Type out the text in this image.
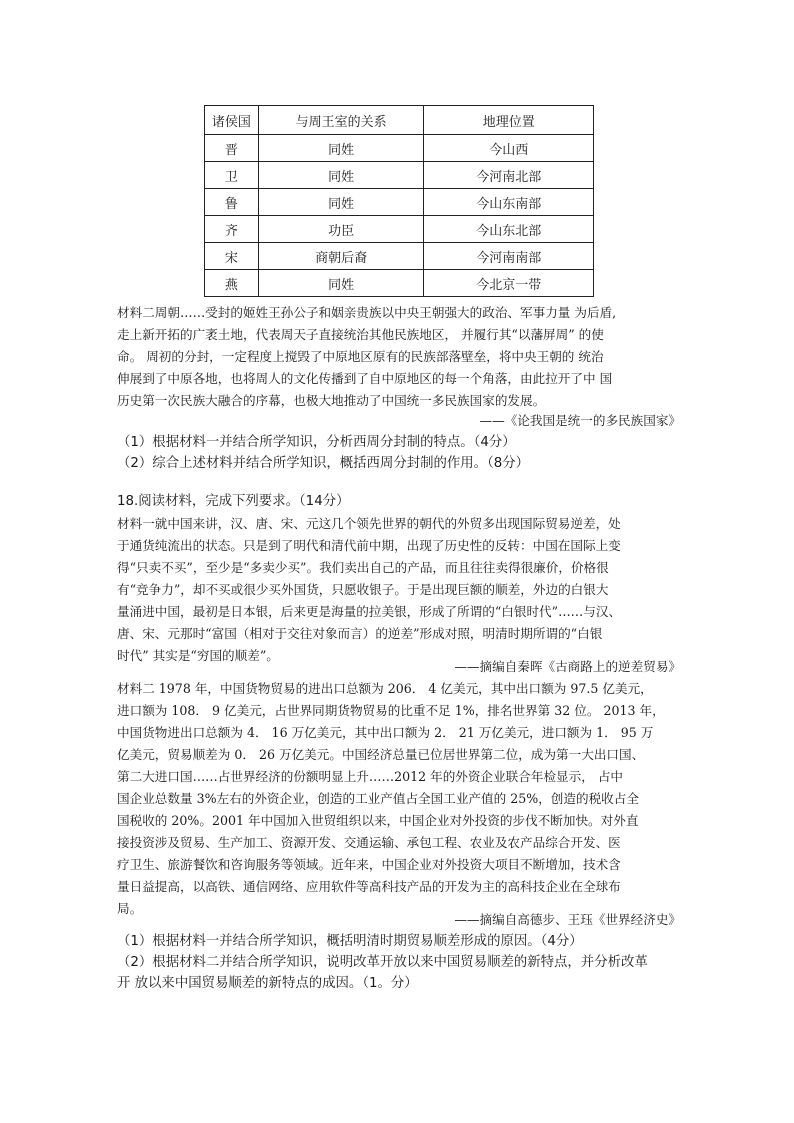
诸侯国	与周王室的关系	地理位置
晋	同姓	今山西
卫	同姓	今河南北部
鲁	同姓	今山东南部
齐	功臣	今山东北部
宋	商朝后裔	今河南南部
燕	同姓	今北京一带
材料二周朝……受封的姬姓王孙公子和姻亲贵族以中央王朝强大的政治、军事力量 为后盾,
走上新开拓的广袤土地，代表周天子直接统治其他民族地区， 并履行其“以藩屏周” 的使
命。 周初的分封，一定程度上搅毁了中原地区原有的民族部落壁垒，将中央王朝的 统治
伸展到了中原各地，也将周人的文化传播到了自中原地区的每一个角落，由此拉开了中 国
历史第一次民族大融合的序幕，也极大地推动了中国统一多民族国家的发展。
——《论我国是统一的多民族国家》
（1）根据材料一并结合所学知识，分析西周分封制的特点。（4分）
（2）综合上述材料并结合所学知识，概括西周分封制的作用。（8分）
18.阅读材料，完成下列要求。（14分）
材料一就中国来讲，汉、唐、宋、元这几个领先世界的朝代的外贸多出现国际贸易逆差，处
于通货纯流出的状态。只是到了明代和清代前中期，出现了历史性的反转：中国在国际上变
得“只卖不买”，至少是“多卖少买”。我们卖出自己的产品，而且往往卖得很廉价，价格很
有“竞争力”，却不买或很少买外国货，只愿收银子。于是出现巨额的顺差，外边的白银大
量涌进中国，最初是日本银，后来更是海量的拉美银，形成了所谓的“白银时代”……与汉、
唐、宋、元那时“富国（相对于交往对象而言）的逆差”形成对照，明清时期所谓的“白银
时代” 其实是“穷国的顺差”。
——摘编自秦晖《古商路上的逆差贸易》
材料二 1978 年，中国货物贸易的进出口总额为 206． 4 亿美元，其中出口额为 97.5 亿美元，
进口额为 108． 9 亿美元，占世界同期货物贸易的比重不足 1%，排名世界第 32 位。 2013 年，
中国货物进出口总额为 4． 16 万亿美元，其中出口额为 2． 21 万亿美元，进口额为 1． 95 万
亿美元，贸易顺差为 0． 26 万亿美元。中国经济总量已位居世界第二位，成为第一大出口国、
第二大进口国……占世界经济的份额明显上升……2012 年的外资企业联合年检显示， 占中
国企业总数量 3%左右的外资企业，创造的工业产值占全国工业产值的 25%，创造的税收占全
国税收的 20%。2001 年中国加入世贸组织以来，中国企业对外投资的步伐不断加快。对外直
接投资涉及贸易、生产加工、资源开发、交通运输、承包工程、农业及农产品综合开发、医
疗卫生、旅游餐饮和咨询服务等领域。近年来，中国企业对外投资大项目不断增加，技术含
量日益提高，以高铁、通信网络、应用软件等高科技产品的开发为主的高科技企业在全球布
局。
——摘编自高德步、王珏《世界经济史》
（1）根据材料一并结合所学知识，概括明清时期贸易顺差形成的原因。（4分）
（2）根据材料二并结合所学知识，说明改革开放以来中国贸易顺差的新特点，并分析改革
开 放以来中国贸易顺差的新特点的成因。（1。分）
